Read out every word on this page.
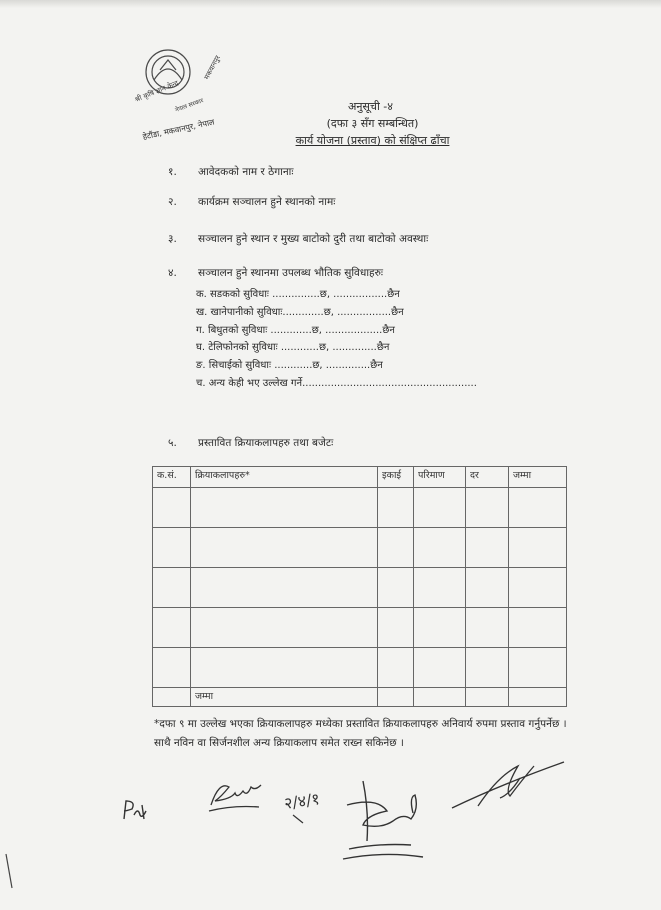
श्री कृषि ज्ञान केन्द्र
मकवानपुर
नेपाल सरकार
हेटौंडा, मकवानपुर, नेपाल
अनुसूची -४
(दफा ३ सँग सम्बन्धित)
कार्य योजना (प्रस्ताव) को संक्षिप्त ढाँचा
१. आवेदकको नाम र ठेगानाः
२. कार्यक्रम सञ्चालन हुने स्थानको नामः
३. सञ्चालन हुने स्थान र मुख्य बाटोको दुरी तथा बाटोको अवस्थाः
४. सञ्चालन हुने स्थानमा उपलब्ध भौतिक सुविधाहरुः
क. सडकको सुविधाः ...............छ, .................छैन
ख. खानेपानीको सुविधाः.............छ, .................छैन
ग. बिधुतको सुविधाः .............छ, ..................छैन
घ. टेलिफोनको सुविधाः ............छ, ..............छैन
ङ. सिचाईको सुविधाः ............छ, ..............छैन
च. अन्य केही भए उल्लेख गर्ने.......................................................
५. प्रस्तावित क्रियाकलापहरु तथा बजेटः
क.सं.	क्रियाकलापहरु*	इकाई	परिमाण	दर	जम्मा

	जम्मा				
*दफा ९ मा उल्लेख भएका क्रियाकलापहरु मध्येका प्रस्तावित क्रियाकलापहरु अनिवार्य रुपमा प्रस्ताव गर्नुपर्नेछ । साथै नविन वा सिर्जनशील अन्य क्रियाकलाप समेत राख्न सकिनेछ ।
२/४/१
